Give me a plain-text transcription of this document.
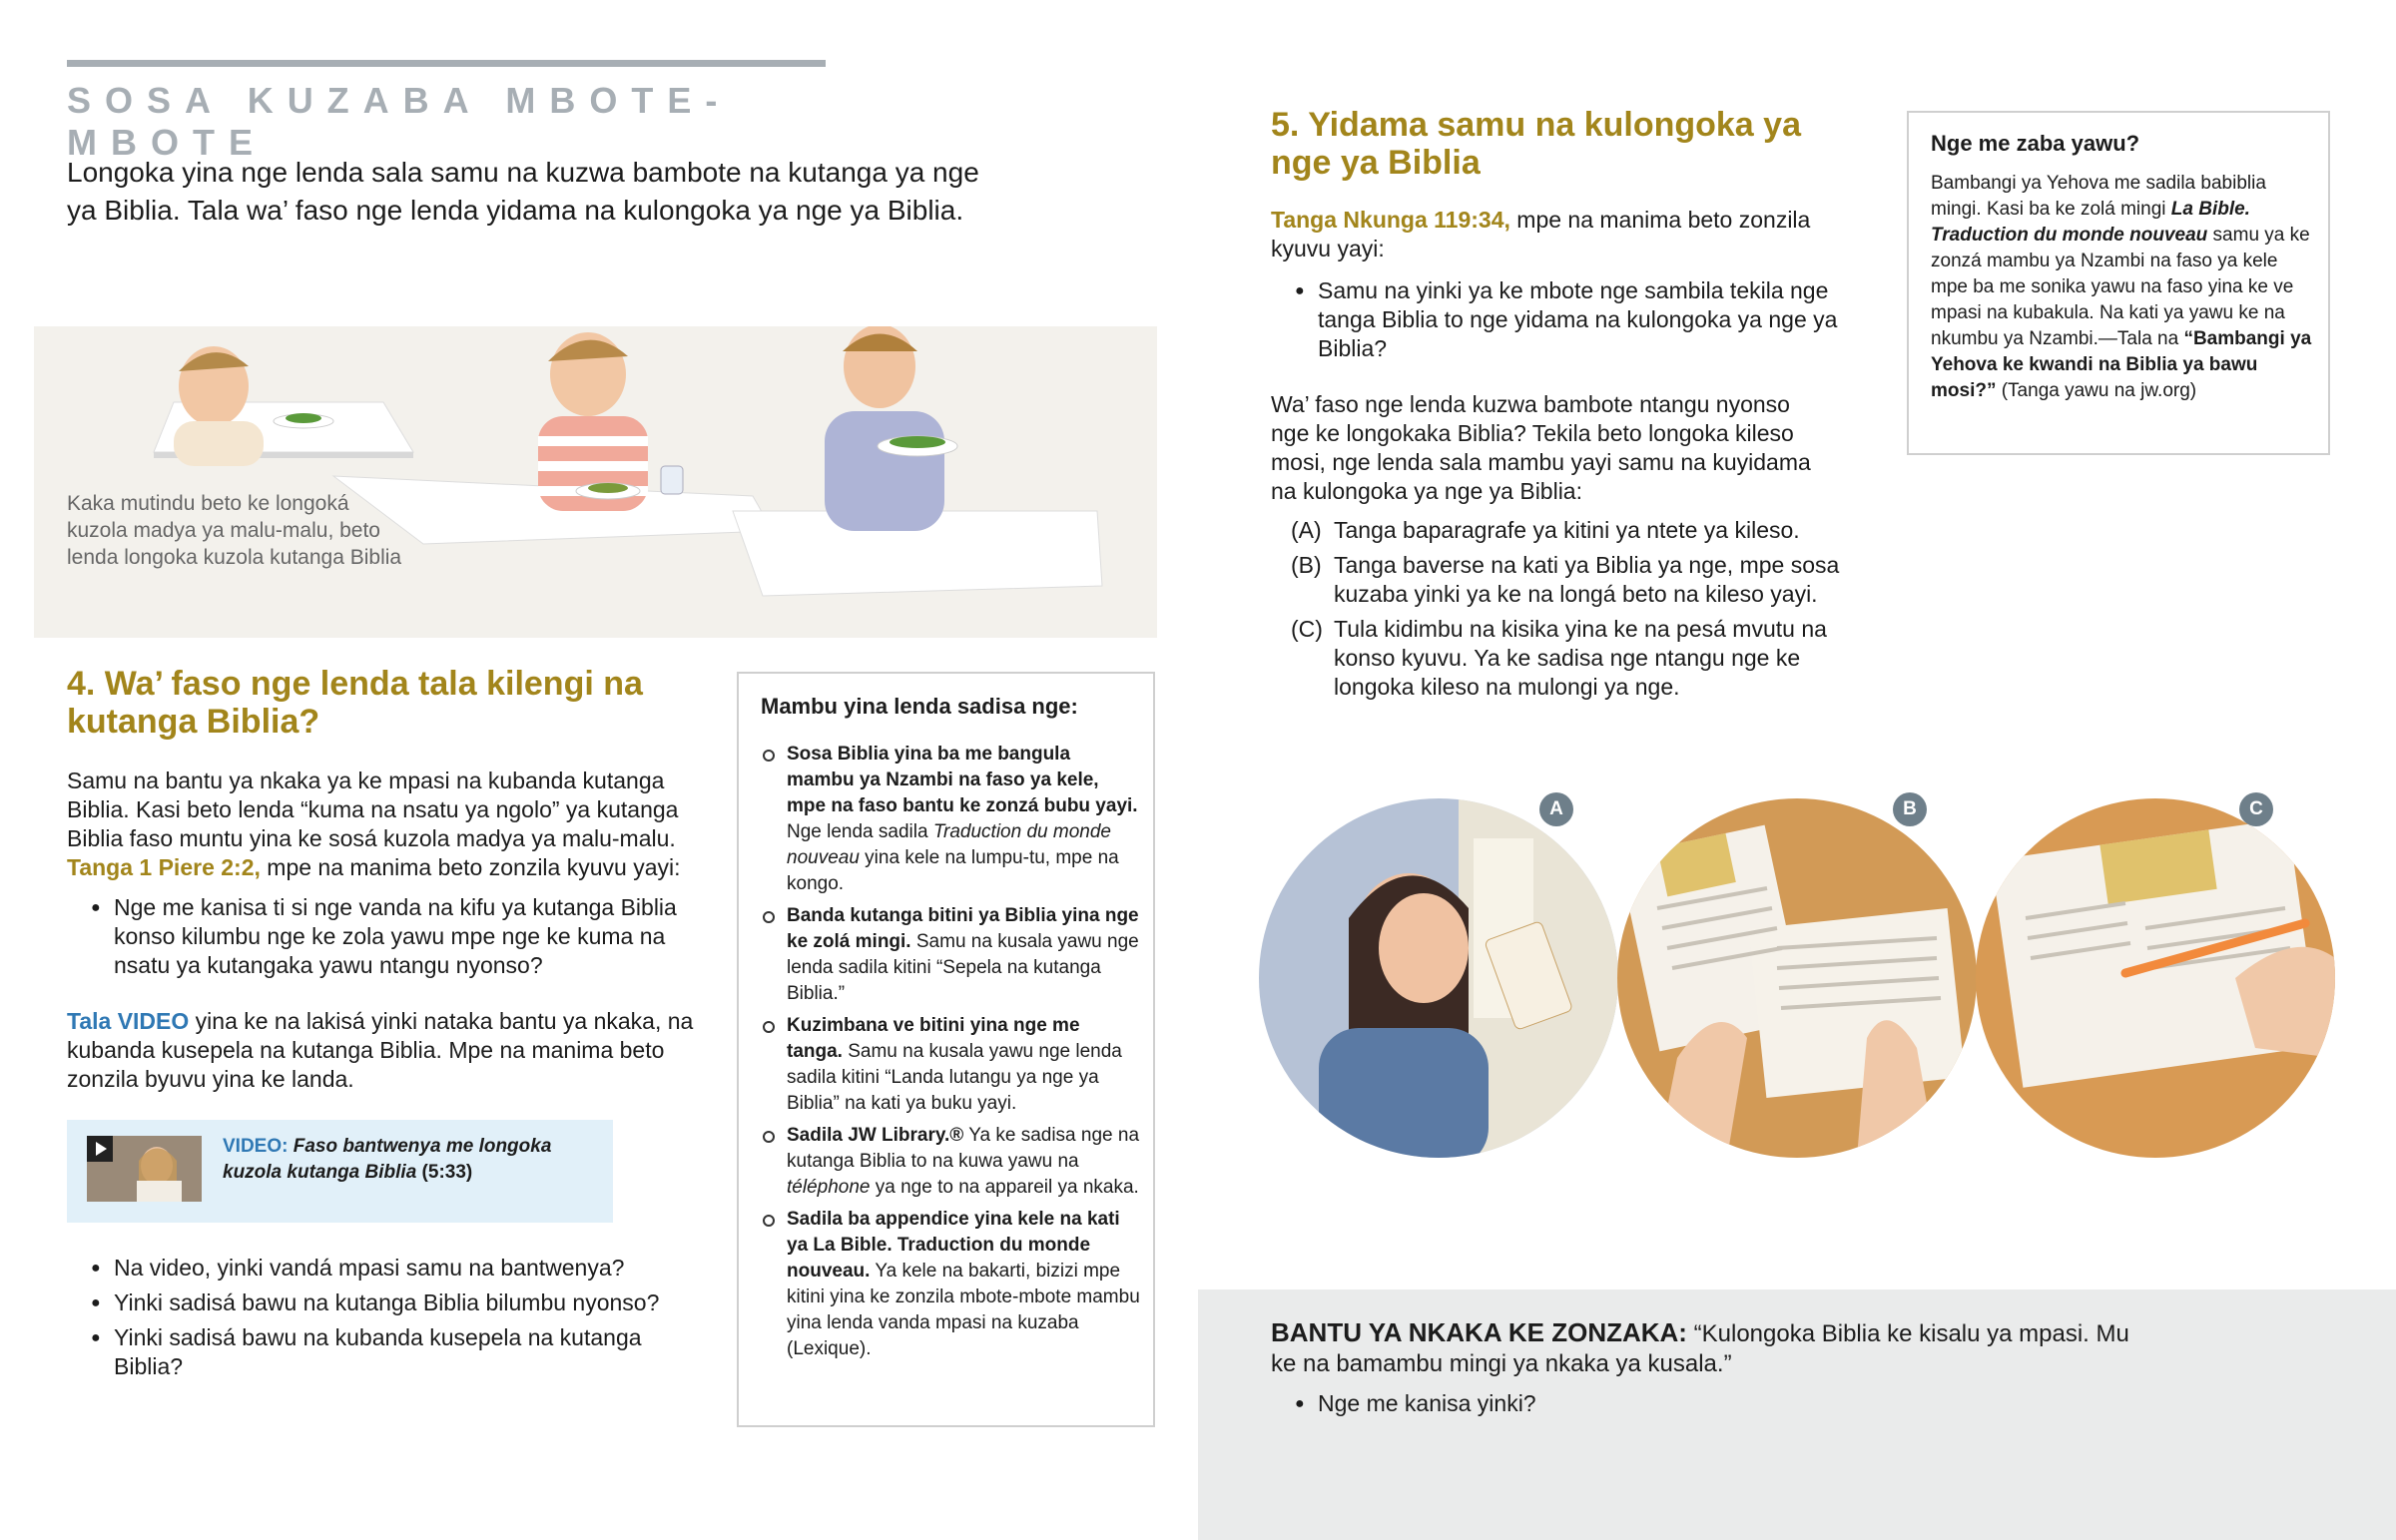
SOSA KUZABA MBOTE-MBOTE

Longoka yina nge lenda sala samu na kuzwa bambote na kutanga ya nge ya Biblia. Tala wa’ faso nge lenda yidama na kulongoka ya nge ya Biblia.

Kaka mutindu beto ke longoká kuzola madya ya malu-malu, beto lenda longoka kuzola kutanga Biblia

4. Wa’ faso nge lenda tala kilengi na kutanga Biblia?

Samu na bantu ya nkaka ya ke mpasi na kubanda kutanga Biblia. Kasi beto lenda “kuma na nsatu ya ngolo” ya kutanga Biblia faso muntu yina ke sosá kuzola madya ya malu-malu. Tanga 1 Piere 2:2, mpe na manima beto zonzila kyuvu yayi:

● Nge me kanisa ti si nge vanda na kifu ya kutanga Biblia konso kilumbu nge ke zola yawu mpe nge ke kuma na nsatu ya kutangaka yawu ntangu nyonso?

Tala VIDEO yina ke na lakisá yinki nataka bantu ya nkaka, na kubanda kusepela na kutanga Biblia. Mpe na manima beto zonzila byuvu yina ke landa.

VIDEO: Faso bantwenya me longoka kuzola kutanga Biblia (5:33)
● Na video, yinki vandá mpasi samu na bantwenya?
● Yinki sadisá bawu na kutanga Biblia bilumbu nyonso?
● Yinki sadisá bawu na kubanda kusepela na kutanga Biblia?
Mambu yina lenda sadisa nge:
Sosa Biblia yina ba me bangula mambu ya Nzambi na faso ya kele, mpe na faso bantu ke zonzá bubu yayi. Nge lenda sadila Traduction du monde nouveau yina kele na lumpu-tu, mpe na kongo.
Banda kutanga bitini ya Biblia yina nge ke zolá mingi. Samu na kusala yawu nge lenda sadila kitini “Sepela na kutanga Biblia.”
Kuzimbana ve bitini yina nge me tanga. Samu na kusala yawu nge lenda sadila kitini “Landa lutangu ya nge ya Biblia” na kati ya buku yayi.
Sadila JW Library.® Ya ke sadisa nge na kutanga Biblia to na kuwa yawu na téléphone ya nge to na appareil ya nkaka.
Sadila ba appendice yina kele na kati ya La Bible. Traduction du monde nouveau. Ya kele na bakarti, bizizi mpe kitini yina ke zonzila mbote-mbote mambu yina lenda vanda mpasi na kuzaba (Lexique).
5. Yidama samu na kulongoka ya nge ya Biblia

Tanga Nkunga 119:34, mpe na manima beto zonzila kyuvu yayi:

● Samu na yinki ya ke mbote nge sambila tekila nge tanga Biblia to nge yidama na kulongoka ya nge ya Biblia?

Wa’ faso nge lenda kuzwa bambote ntangu nyonso nge ke longokaka Biblia? Tekila beto longoka kileso mosi, nge lenda sala mambu yayi samu na kuyidama na kulongoka ya nge ya Biblia:

(A) Tanga baparagrafe ya kitini ya ntete ya kileso.
(B) Tanga baverse na kati ya Biblia ya nge, mpe sosa kuzaba yinki ya ke na longá beto na kileso yayi.
(C) Tula kidimbu na kisika yina ke na pesá mvutu na konso kyuvu. Ya ke sadisa nge ntangu nge ke longoka kileso na mulongi ya nge.
Nge me zaba yawu?

Bambangi ya Yehova me sadila babiblia mingi. Kasi ba ke zolá mingi La Bible. Traduction du monde nouveau samu ya ke zonzá mambu ya Nzambi na faso ya kele mpe ba me sonika yawu na faso yina ke ve mpasi na kubakula. Na kati ya yawu ke na nkumbu ya Nzambi.—Tala na “Bambangi ya Yehova ke kwandi na Biblia ya bawu mosi?” (Tanga yawu na jw.org)

A	B	C

BANTU YA NKAKA KE ZONZAKA: “Kulongoka Biblia ke kisalu ya mpasi. Mu ke na bamambu mingi ya nkaka ya kusala.”

● Nge me kanisa yinki?
